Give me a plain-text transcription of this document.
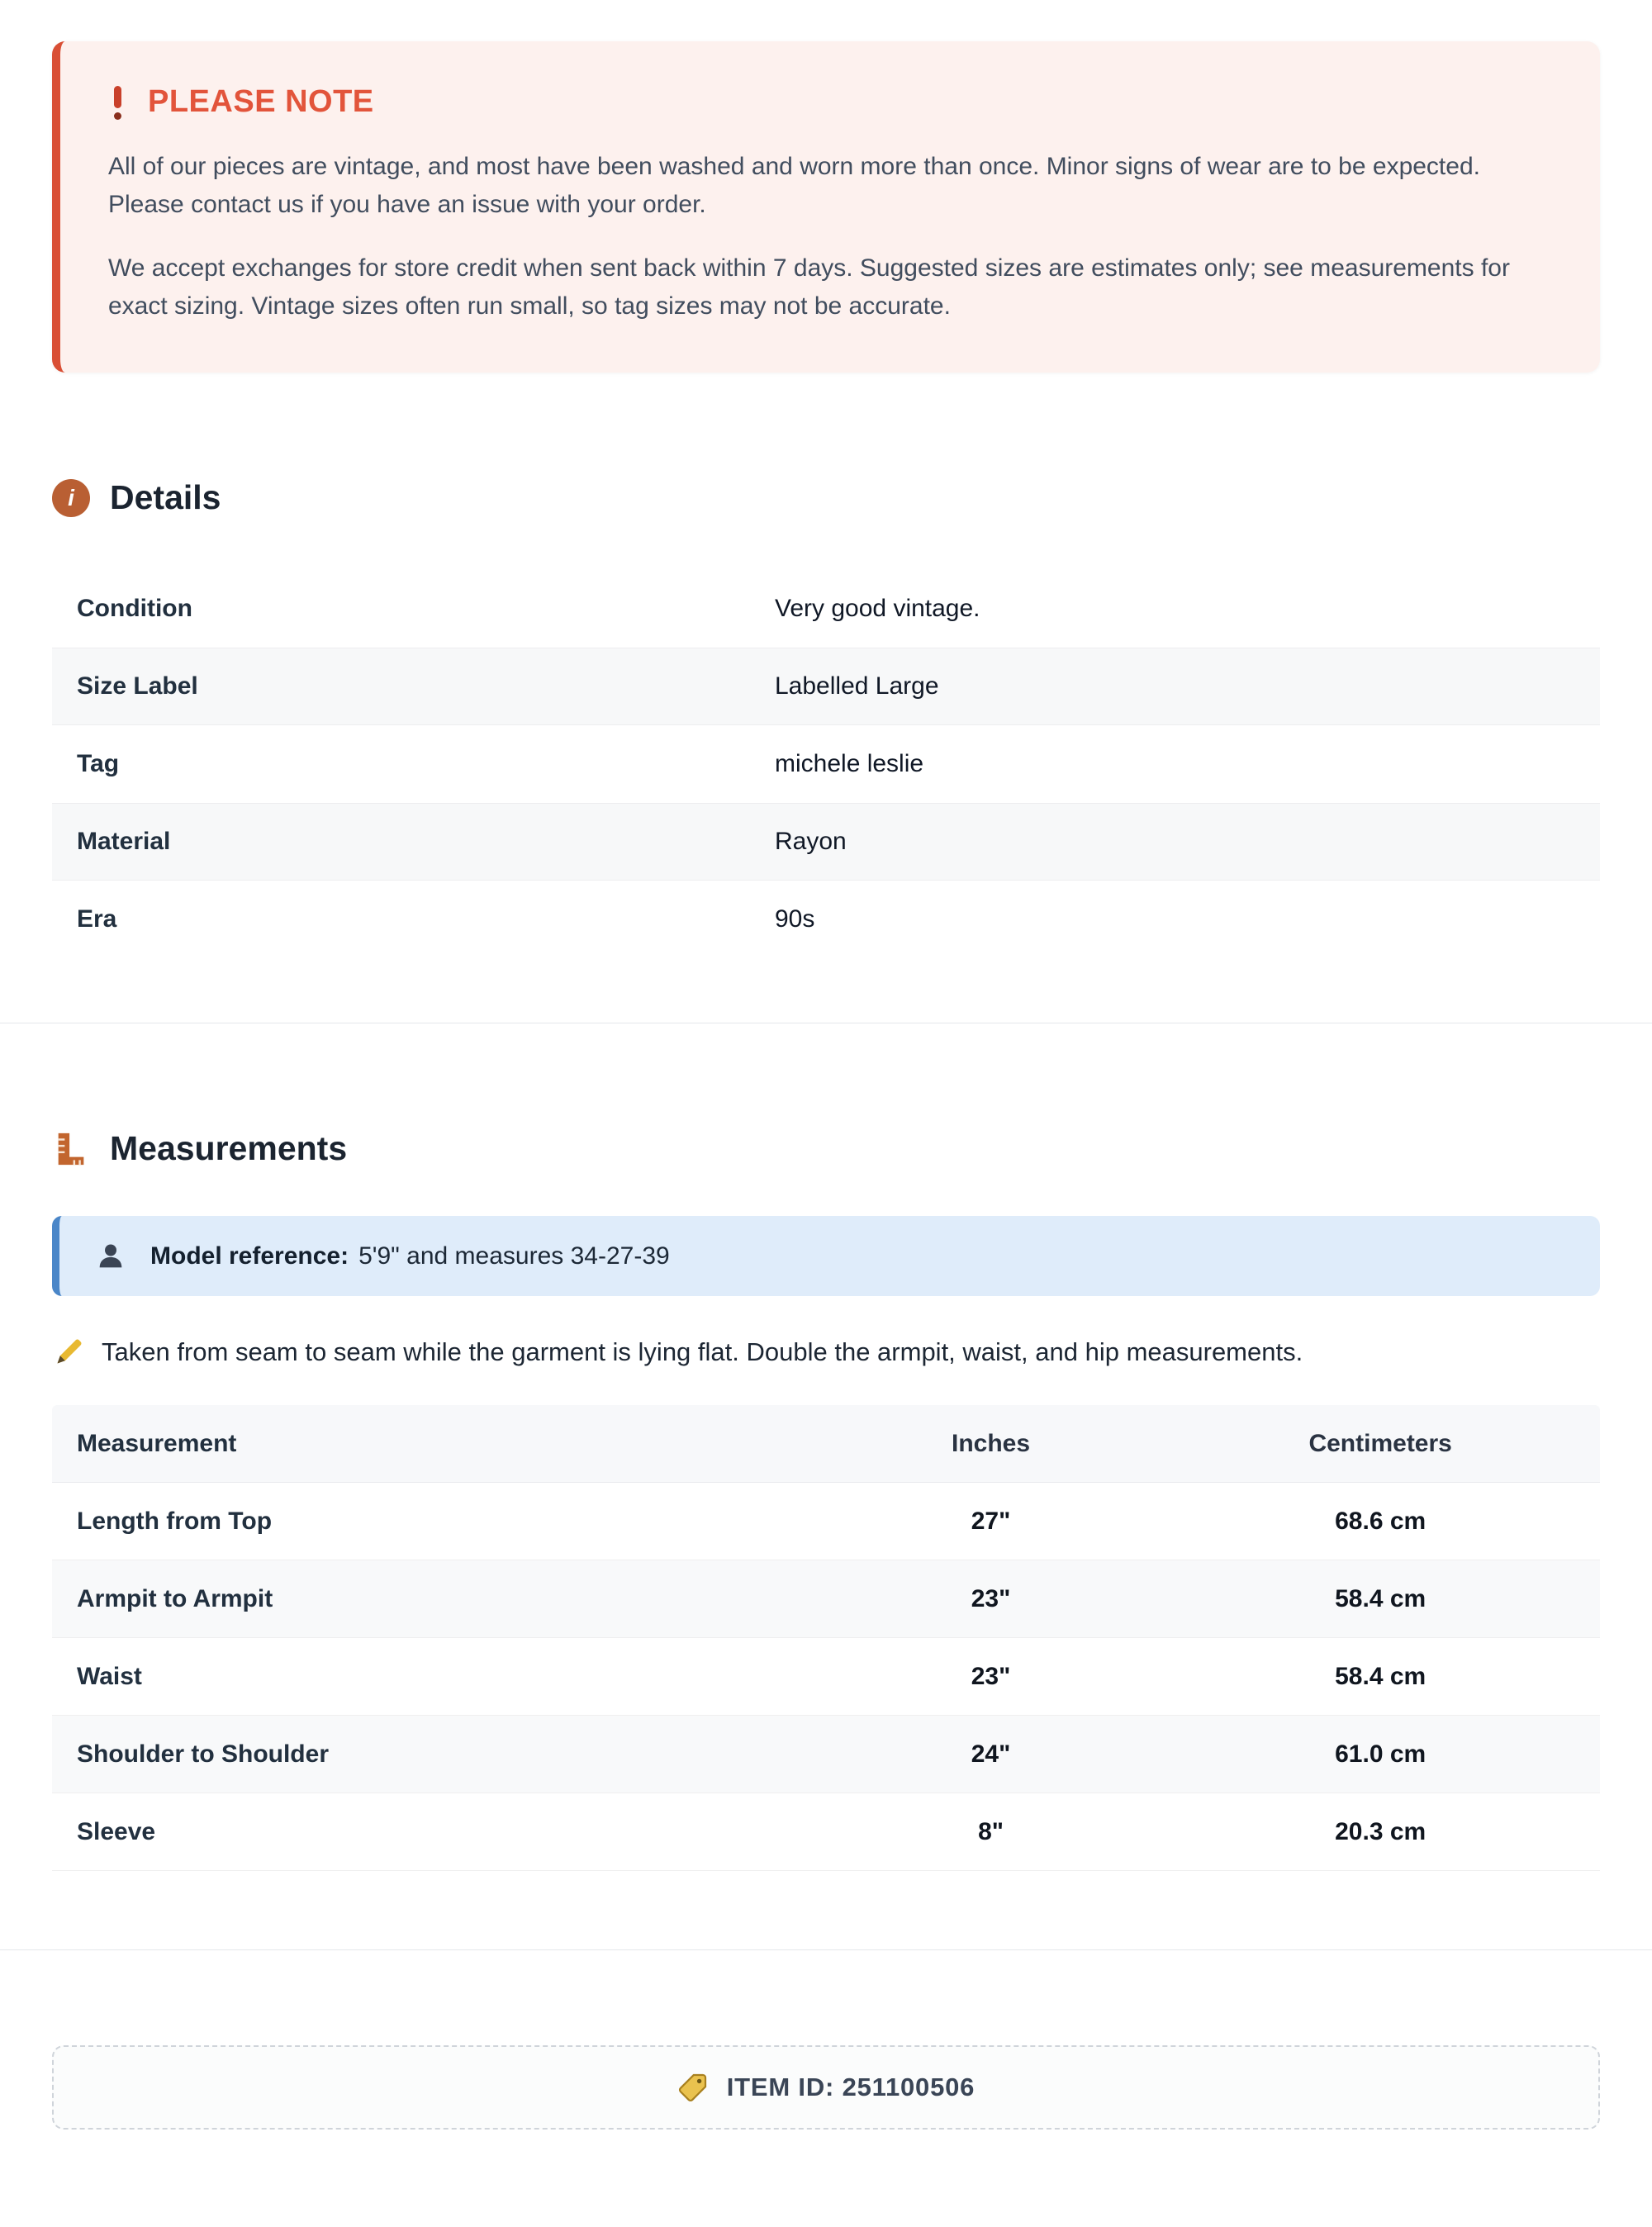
PLEASE NOTE

All of our pieces are vintage, and most have been washed and worn more than once. Minor signs of wear are to be expected. Please contact us if you have an issue with your order.

We accept exchanges for store credit when sent back within 7 days. Suggested sizes are estimates only; see measurements for exact sizing. Vintage sizes often run small, so tag sizes may not be accurate.

i	Details
Condition	Very good vintage.
Size Label	Labelled Large
Tag	michele leslie
Material	Rayon
Era	90s
Measurements
Model reference: 5'9" and measures 34-27-39
Taken from seam to seam while the garment is lying flat. Double the armpit, waist, and hip measurements.
Measurement	Inches	Centimeters
Length from Top	27"	68.6 cm
Armpit to Armpit	23"	58.4 cm
Waist	23"	58.4 cm
Shoulder to Shoulder	24"	61.0 cm
Sleeve	8"	20.3 cm
ITEM ID: 251100506
